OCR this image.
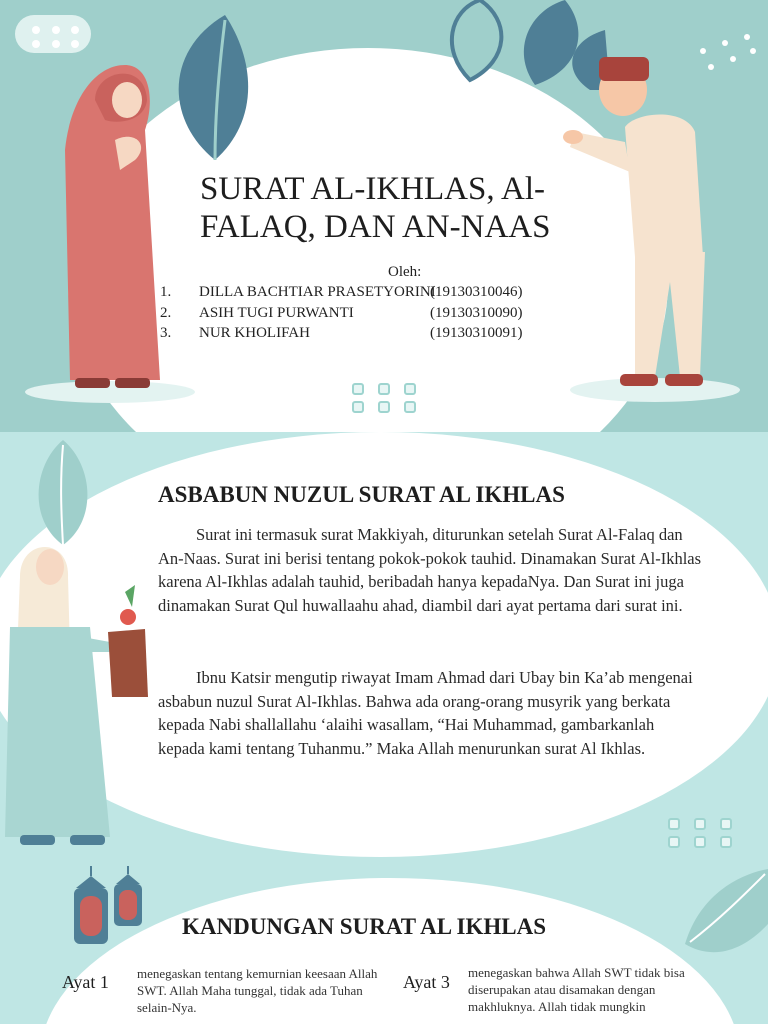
SURAT AL-IKHLAS, Al-FALAQ, DAN AN-NAAS
Oleh:
1. DILLA BACHTIAR PRASETYORINI
(19130310046)
2. ASIH TUGI PURWANTI	(19130310090)
3. NUR KHOLIFAH	(19130310091)
ASBABUN NUZUL SURAT AL IKHLAS

Surat ini termasuk surat Makkiyah, diturunkan setelah Surat Al-Falaq dan An-Naas. Surat ini berisi tentang pokok-pokok tauhid. Dinamakan Surat Al-Ikhlas karena Al-Ikhlas adalah tauhid, beribadah hanya kepadaNya. Dan Surat ini juga dinamakan Surat Qul huwallaahu ahad, diambil dari ayat pertama dari surat ini.

Ibnu Katsir mengutip riwayat Imam Ahmad dari Ubay bin Ka’ab mengenai asbabun nuzul Surat Al-Ikhlas. Bahwa ada orang-orang musyrik yang berkata kepada Nabi shallallahu ‘alaihi wasallam, “Hai Muhammad, gambarkanlah kepada kami tentang Tuhanmu.” Maka Allah menurunkan surat Al Ikhlas.

KANDUNGAN SURAT AL IKHLAS
Ayat 1 menegaskan tentang kemurnian keesaan Allah SWT. Allah Maha tunggal, tidak ada Tuhan selain-Nya.

Ayat 3 menegaskan bahwa Allah SWT tidak bisa diserupakan atau disamakan dengan makhluknya. Allah tidak mungkin
